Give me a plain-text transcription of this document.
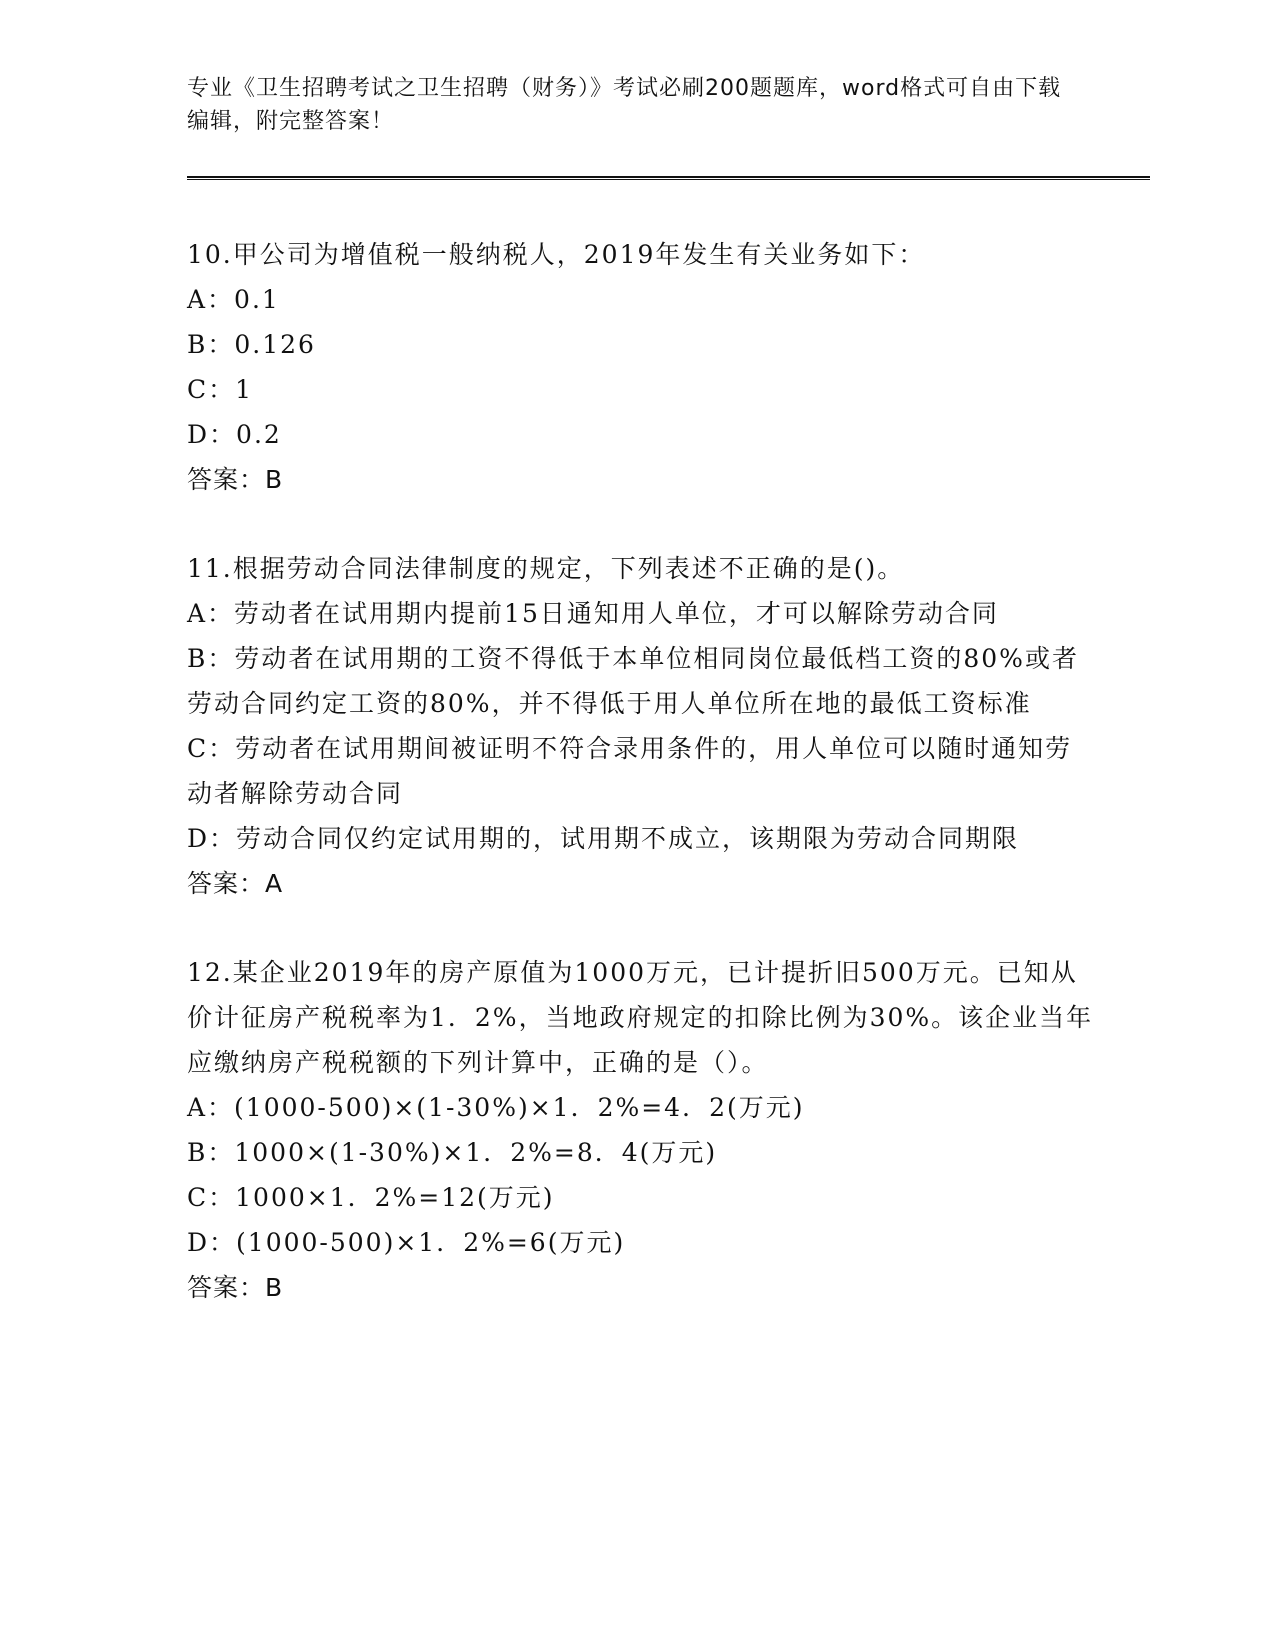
专业《卫生招聘考试之卫生招聘（财务）》考试必刷200题题库，word格式可自由下载编辑，附完整答案！
10.甲公司为增值税一般纳税人，2019年发生有关业务如下：
A：0.1
B：0.126
C：1
D：0.2
答案：B
11.根据劳动合同法律制度的规定，下列表述不正确的是()。
A：劳动者在试用期内提前15日通知用人单位，才可以解除劳动合同
B：劳动者在试用期的工资不得低于本单位相同岗位最低档工资的80%或者劳动合同约定工资的80%，并不得低于用人单位所在地的最低工资标准
C：劳动者在试用期间被证明不符合录用条件的，用人单位可以随时通知劳动者解除劳动合同
D：劳动合同仅约定试用期的，试用期不成立，该期限为劳动合同期限
答案：A
12.某企业2019年的房产原值为1000万元，已计提折旧500万元。已知从价计征房产税税率为1．2%，当地政府规定的扣除比例为30%。该企业当年应缴纳房产税税额的下列计算中，正确的是（）。
A：(1000-500)×(1-30%)×1．2%=4．2(万元)
B：1000×(1-30%)×1．2%=8．4(万元)
C：1000×1．2%=12(万元)
D：(1000-500)×1．2%=6(万元)
答案：B
